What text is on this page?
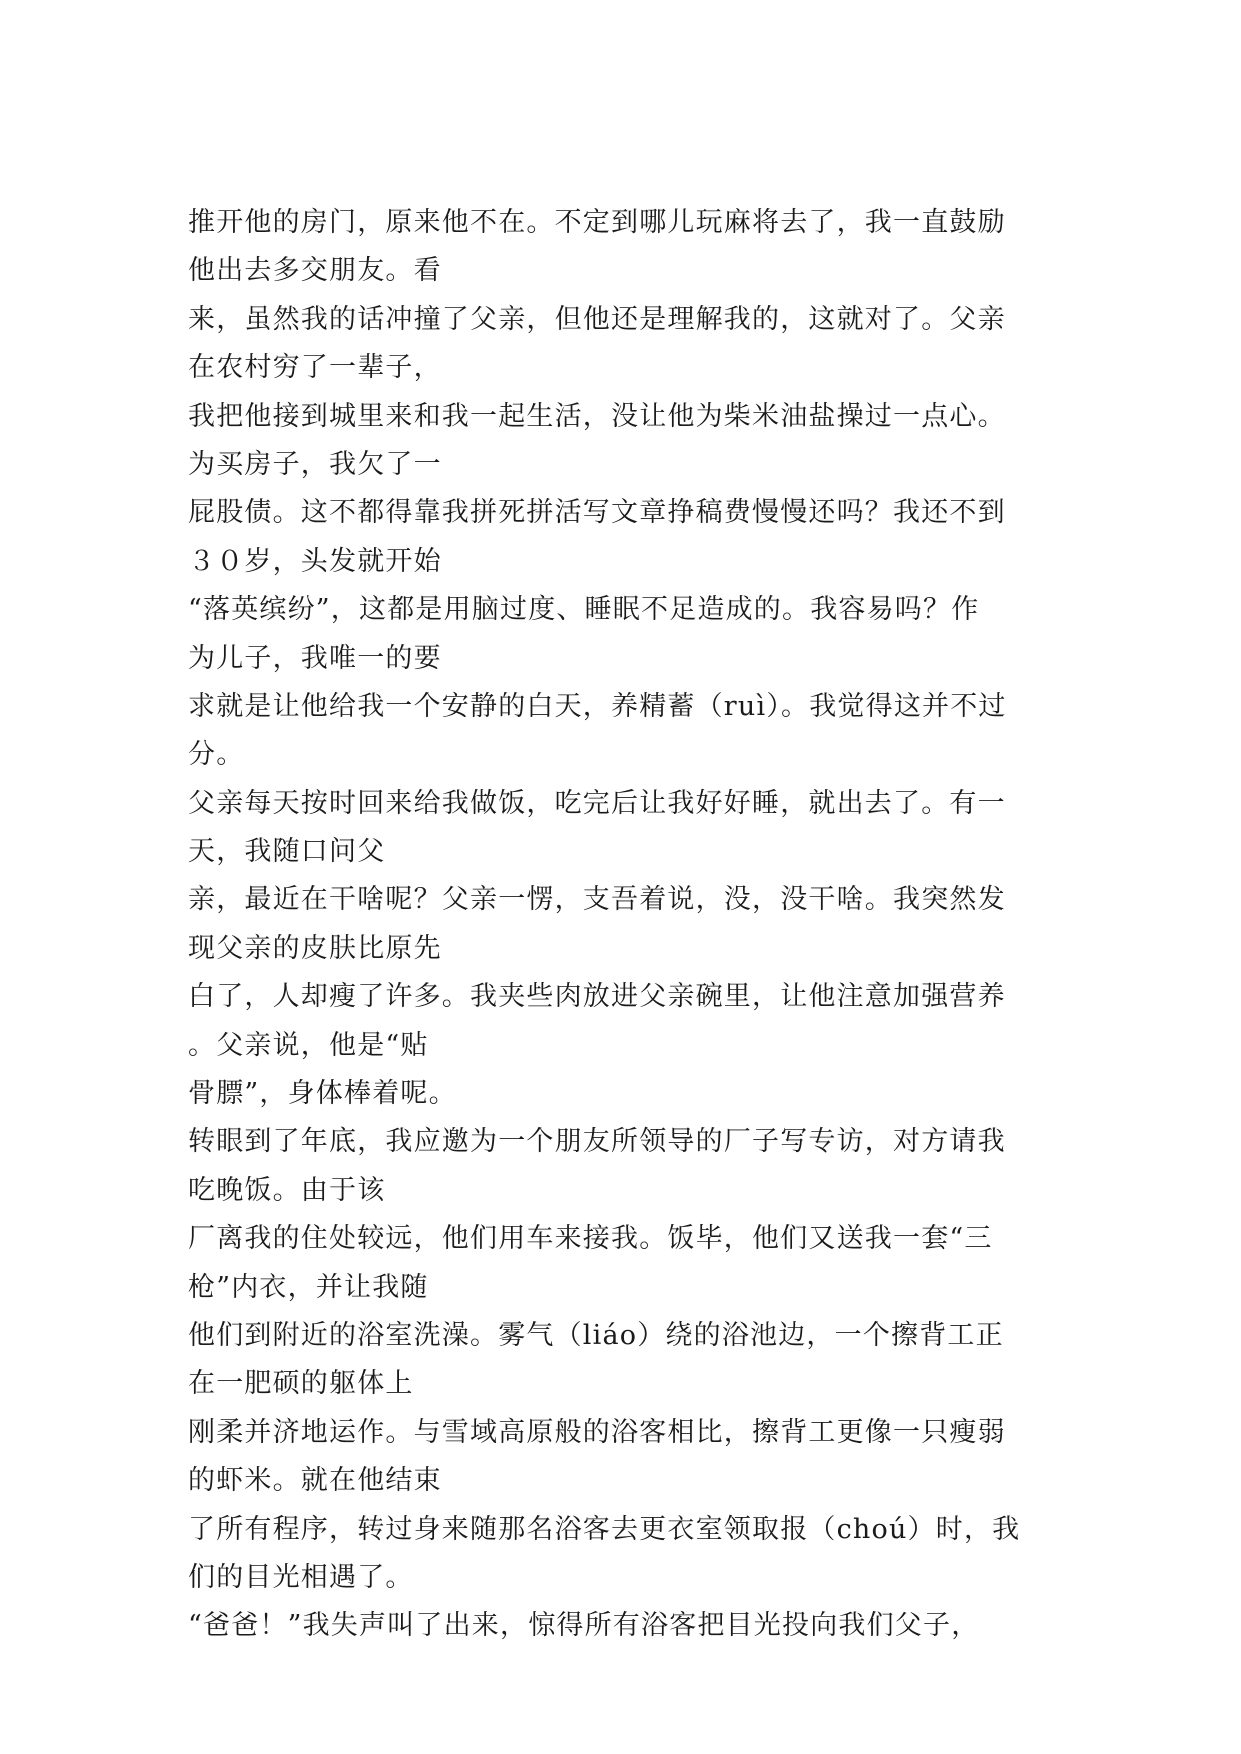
推开他的房门，原来他不在。不定到哪儿玩麻将去了，我一直鼓励
他出去多交朋友。看
来，虽然我的话冲撞了父亲，但他还是理解我的，这就对了。父亲
在农村穷了一辈子，
我把他接到城里来和我一起生活，没让他为柴米油盐操过一点心。
为买房子，我欠了一
屁股债。这不都得靠我拼死拼活写文章挣稿费慢慢还吗？我还不到
３０岁，头发就开始
“落英缤纷”，这都是用脑过度、睡眠不足造成的。我容易吗？作
为儿子，我唯一的要
求就是让他给我一个安静的白天，养精蓄（ruì）。我觉得这并不过
分。
父亲每天按时回来给我做饭，吃完后让我好好睡，就出去了。有一
天，我随口问父
亲，最近在干啥呢？父亲一愣，支吾着说，没，没干啥。我突然发
现父亲的皮肤比原先
白了，人却瘦了许多。我夹些肉放进父亲碗里，让他注意加强营养
。父亲说，他是“贴
骨膘”，身体棒着呢。
转眼到了年底，我应邀为一个朋友所领导的厂子写专访，对方请我
吃晚饭。由于该
厂离我的住处较远，他们用车来接我。饭毕，他们又送我一套“三
枪”内衣，并让我随
他们到附近的浴室洗澡。雾气（liáo）绕的浴池边，一个擦背工正
在一肥硕的躯体上
刚柔并济地运作。与雪域高原般的浴客相比，擦背工更像一只瘦弱
的虾米。就在他结束
了所有程序，转过身来随那名浴客去更衣室领取报（choú）时，我
们的目光相遇了。
“爸爸！”我失声叫了出来，惊得所有浴客把目光投向我们父子，
